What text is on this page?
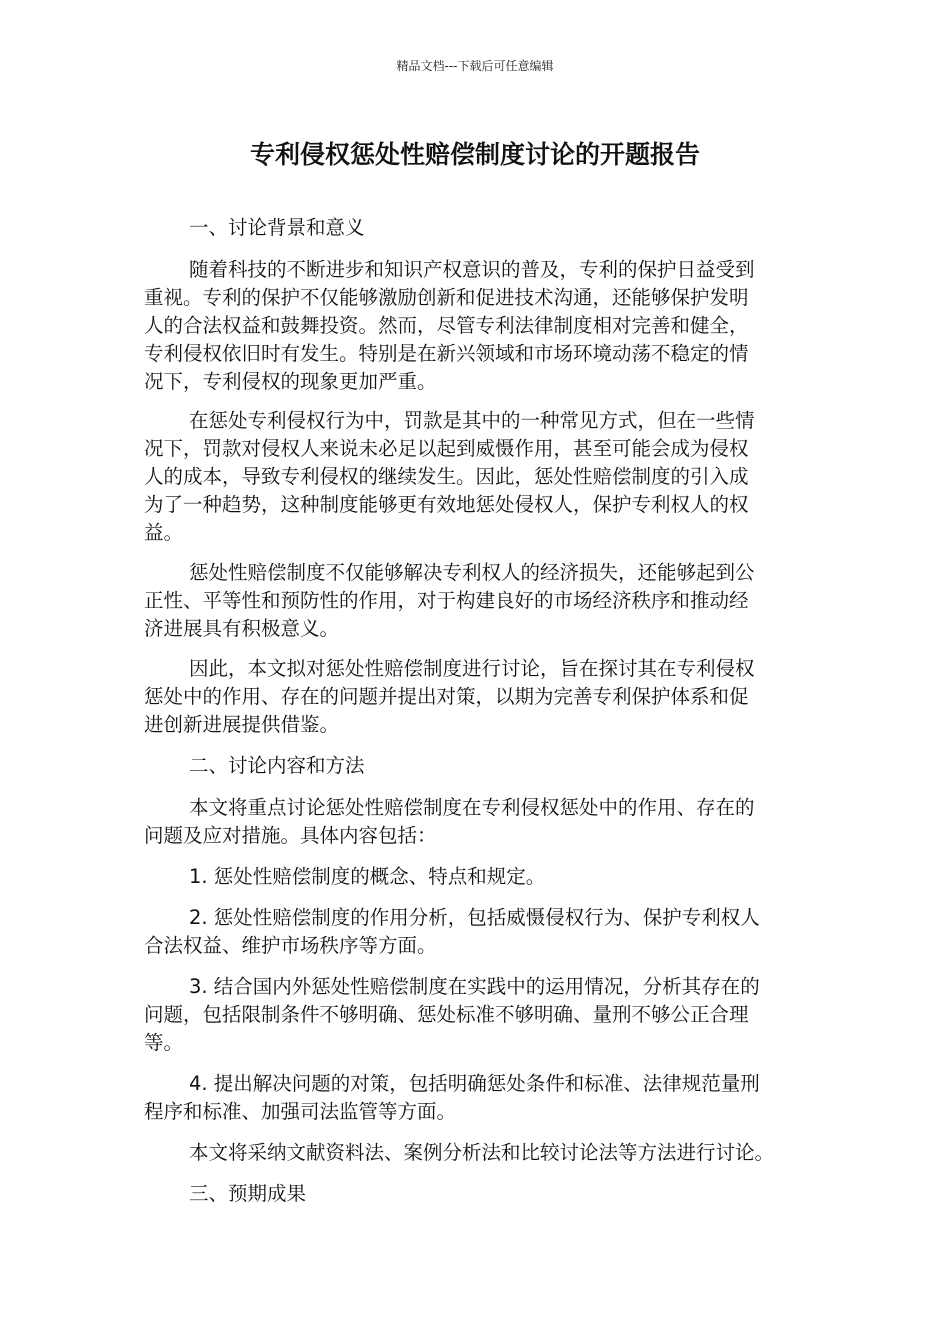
精品文档---下载后可任意编辑
专利侵权惩处性赔偿制度讨论的开题报告
一、讨论背景和意义
随着科技的不断进步和知识产权意识的普及，专利的保护日益受到
重视。专利的保护不仅能够激励创新和促进技术沟通，还能够保护发明
人的合法权益和鼓舞投资。然而，尽管专利法律制度相对完善和健全，
专利侵权依旧时有发生。特别是在新兴领域和市场环境动荡不稳定的情
况下，专利侵权的现象更加严重。
在惩处专利侵权行为中，罚款是其中的一种常见方式，但在一些情
况下，罚款对侵权人来说未必足以起到威慑作用，甚至可能会成为侵权
人的成本，导致专利侵权的继续发生。因此，惩处性赔偿制度的引入成
为了一种趋势，这种制度能够更有效地惩处侵权人，保护专利权人的权
益。
惩处性赔偿制度不仅能够解决专利权人的经济损失，还能够起到公
正性、平等性和预防性的作用，对于构建良好的市场经济秩序和推动经
济进展具有积极意义。
因此，本文拟对惩处性赔偿制度进行讨论，旨在探讨其在专利侵权
惩处中的作用、存在的问题并提出对策，以期为完善专利保护体系和促
进创新进展提供借鉴。
二、讨论内容和方法
本文将重点讨论惩处性赔偿制度在专利侵权惩处中的作用、存在的
问题及应对措施。具体内容包括：
1. 惩处性赔偿制度的概念、特点和规定。
2. 惩处性赔偿制度的作用分析，包括威慑侵权行为、保护专利权人
合法权益、维护市场秩序等方面。
3. 结合国内外惩处性赔偿制度在实践中的运用情况，分析其存在的
问题，包括限制条件不够明确、惩处标准不够明确、量刑不够公正合理
等。
4. 提出解决问题的对策，包括明确惩处条件和标准、法律规范量刑
程序和标准、加强司法监管等方面。
本文将采纳文献资料法、案例分析法和比较讨论法等方法进行讨论。
三、预期成果
